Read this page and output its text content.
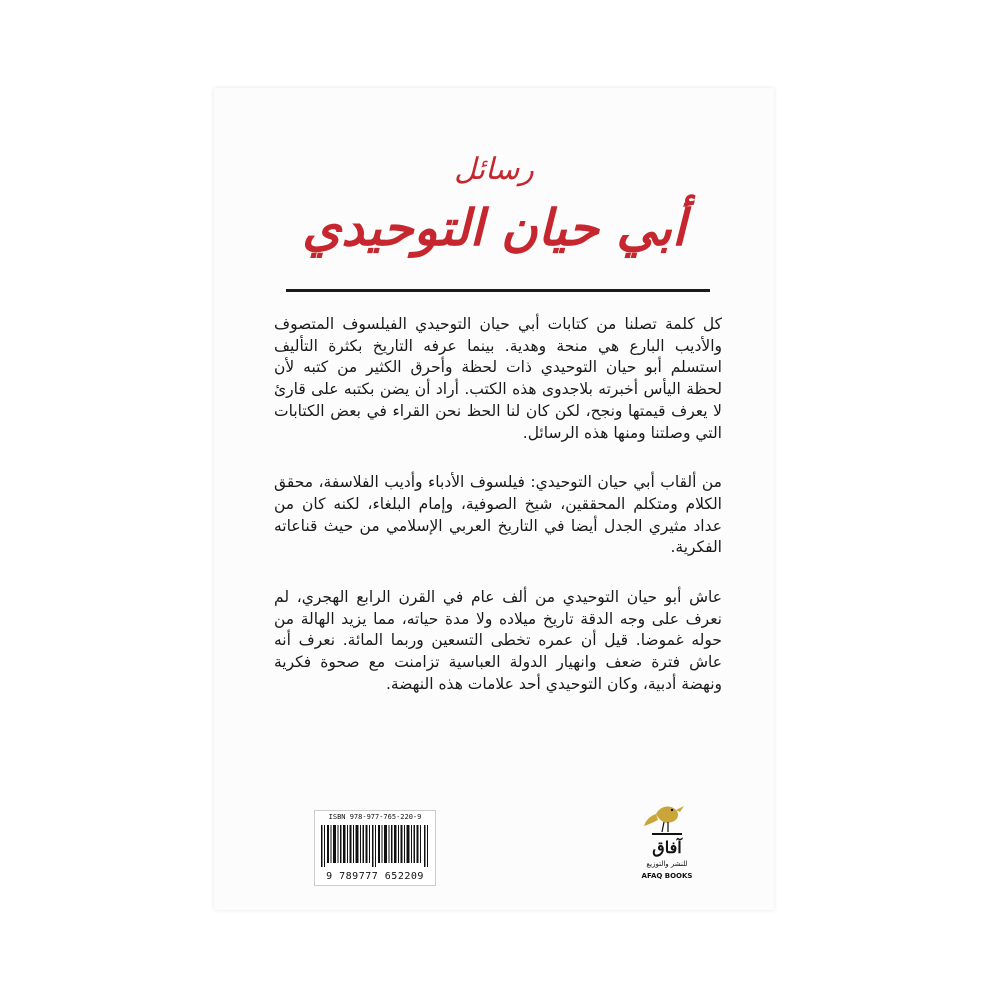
رسائل
أبي حيان التوحيدي

كل كلمة تصلنا من كتابات أبي حيان التوحيدي الفيلسوف المتصوف والأديب البارع هي منحة وهدية. بينما عرفه التاريخ بكثرة التأليف استسلم أبو حيان التوحيدي ذات لحظة وأحرق الكثير من كتبه لأن لحظة اليأس أخبرته بلاجدوى هذه الكتب. أراد أن يضن بكتبه على قارئ لا يعرف قيمتها ونجح، لكن كان لنا الحظ نحن القراء في بعض الكتابات التي وصلتنا ومنها هذه الرسائل.

من ألقاب أبي حيان التوحيدي: فيلسوف الأدباء وأديب الفلاسفة، محقق الكلام ومتكلم المحققين، شيخ الصوفية، وإمام البلغاء، لكنه كان من عداد مثيري الجدل أيضا في التاريخ العربي الإسلامي من حيث قناعاته الفكرية.

عاش أبو حيان التوحيدي من ألف عام في القرن الرابع الهجري، لم نعرف على وجه الدقة تاريخ ميلاده ولا مدة حياته، مما يزيد الهالة من حوله غموضا. قيل أن عمره تخطى التسعين وربما المائة. نعرف أنه عاش فترة ضعف وانهيار الدولة العباسية تزامنت مع صحوة فكرية ونهضة أدبية، وكان التوحيدي أحد علامات هذه النهضة.

ISBN 978-977-765-220-9
9 789777 652209
آفاق
للنشر والتوزيع
AFAQ BOOKS
